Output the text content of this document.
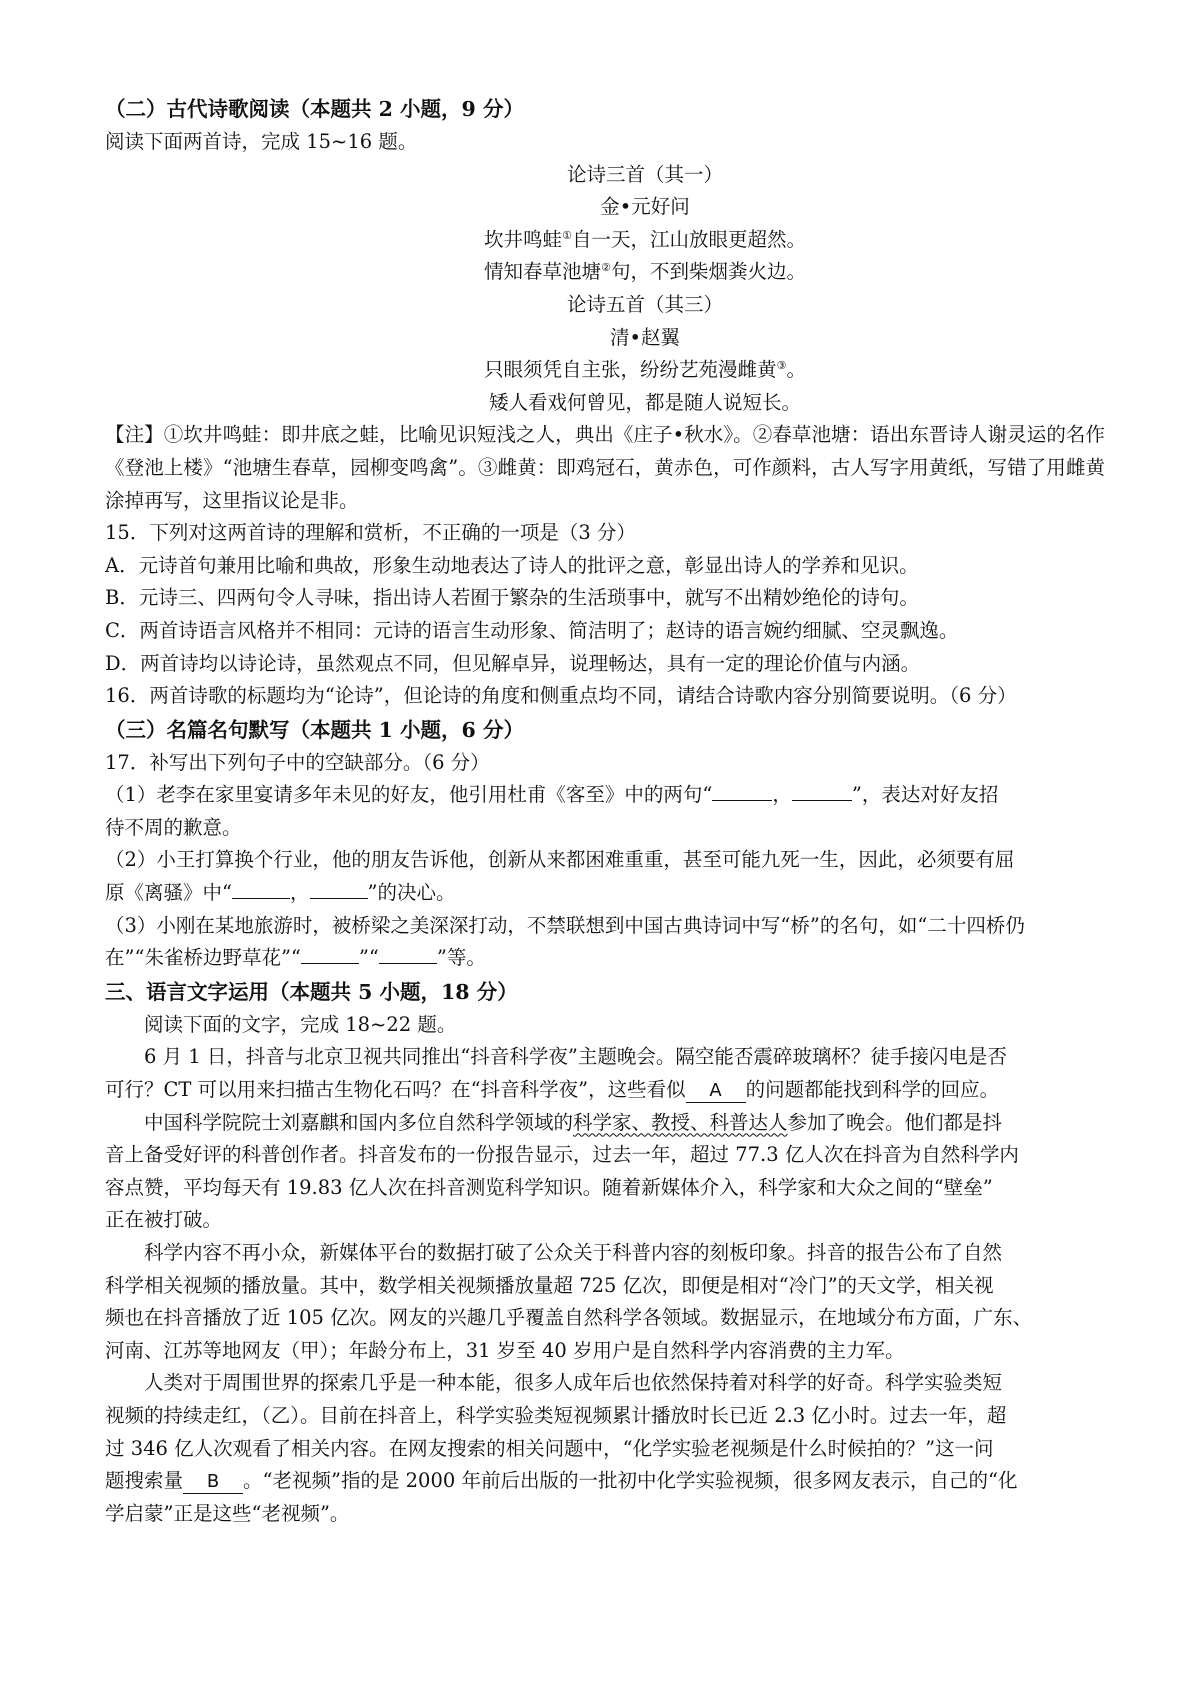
（二）古代诗歌阅读（本题共 2 小题，9 分）
阅读下面两首诗，完成 15~16 题。
论诗三首（其一）
金•元好问
坎井鸣蛙①自一天，江山放眼更超然。
情知春草池塘②句，不到柴烟粪火边。
论诗五首（其三）
清•赵翼
只眼须凭自主张，纷纷艺苑漫雌黄③。
矮人看戏何曾见，都是随人说短长。
【注】①坎井鸣蛙：即井底之蛙，比喻见识短浅之人，典出《庄子•秋水》。②春草池塘：语出东晋诗人谢灵运的名作《登池上楼》“池塘生春草，园柳变鸣禽”。③雌黄：即鸡冠石，黄赤色，可作颜料，古人写字用黄纸，写错了用雌黄涂掉再写，这里指议论是非。
15．下列对这两首诗的理解和赏析，不正确的一项是（3 分）
A．元诗首句兼用比喻和典故，形象生动地表达了诗人的批评之意，彰显出诗人的学养和见识。
B．元诗三、四两句令人寻味，指出诗人若囿于繁杂的生活琐事中，就写不出精妙绝伦的诗句。
C．两首诗语言风格并不相同：元诗的语言生动形象、简洁明了；赵诗的语言婉约细腻、空灵飘逸。
D．两首诗均以诗论诗，虽然观点不同，但见解卓异，说理畅达，具有一定的理论价值与内涵。
16．两首诗歌的标题均为“论诗”，但论诗的角度和侧重点均不同，请结合诗歌内容分别简要说明。（6 分）
（三）名篇名句默写（本题共 1 小题，6 分）
17．补写出下列句子中的空缺部分。（6 分）
（1）老李在家里宴请多年未见的好友，他引用杜甫《客至》中的两句“	，	”，表达对好友招
待不周的歉意。
（2）小王打算换个行业，他的朋友告诉他，创新从来都困难重重，甚至可能九死一生，因此，必须要有屈
原《离骚》中“	，	”的决心。
（3）小刚在某地旅游时，被桥梁之美深深打动，不禁联想到中国古典诗词中写“桥”的名句，如“二十四桥仍
在”“朱雀桥边野草花”“	”“	”等。
三、语言文字运用（本题共 5 小题，18 分）
阅读下面的文字，完成 18~22 题。
6 月 1 日，抖音与北京卫视共同推出“抖音科学夜”主题晚会。隔空能否震碎玻璃杯？徒手接闪电是否
可行？CT 可以用来扫描古生物化石吗？在“抖音科学夜”，这些看似 A 的问题都能找到科学的回应。
中国科学院院士刘嘉麒和国内多位自然科学领域的科学家、教授、科普达人参加了晚会。他们都是抖
音上备受好评的科普创作者。抖音发布的一份报告显示，过去一年，超过 77.3 亿人次在抖音为自然科学内
容点赞，平均每天有 19.83 亿人次在抖音测览科学知识。随着新媒体介入，科学家和大众之间的“壁垒”
正在被打破。
科学内容不再小众，新媒体平台的数据打破了公众关于科普内容的刻板印象。抖音的报告公布了自然
科学相关视频的播放量。其中，数学相关视频播放量超 725 亿次，即便是相对“冷门”的天文学，相关视
频也在抖音播放了近 105 亿次。网友的兴趣几乎覆盖自然科学各领域。数据显示，在地域分布方面，广东、
河南、江苏等地网友（甲）；年龄分布上，31 岁至 40 岁用户是自然科学内容消费的主力军。
人类对于周围世界的探索几乎是一种本能，很多人成年后也依然保持着对科学的好奇。科学实验类短
视频的持续走红，（乙）。目前在抖音上，科学实验类短视频累计播放时长已近 2.3 亿小时。过去一年，超
过 346 亿人次观看了相关内容。在网友搜索的相关问题中，“化学实验老视频是什么时候拍的？”这一问
题搜索量 B 。“老视频”指的是 2000 年前后出版的一批初中化学实验视频，很多网友表示，自己的“化
学启蒙”正是这些“老视频”。
